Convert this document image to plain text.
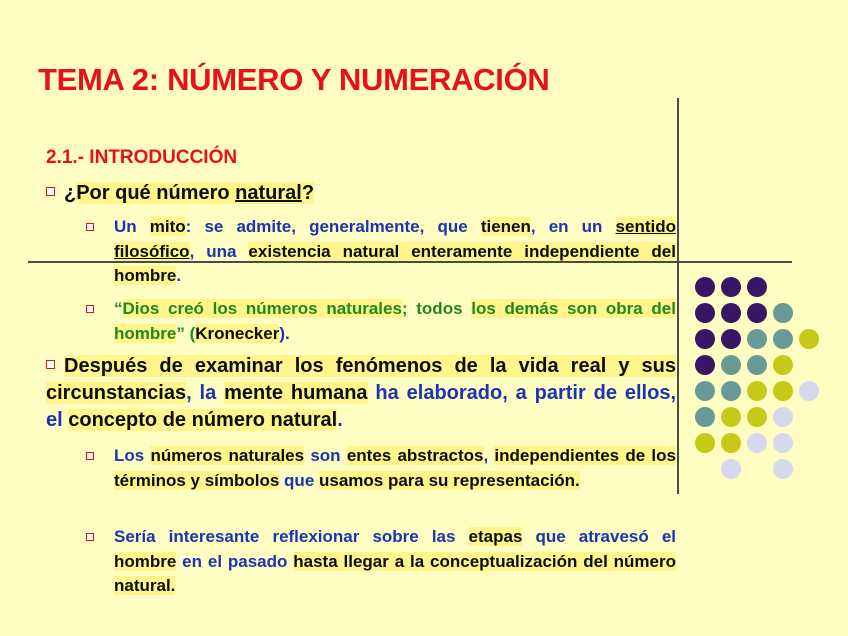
TEMA 2: NÚMERO Y NUMERACIÓN
2.1.- INTRODUCCIÓN
¿Por qué número natural?
Un mito: se admite, generalmente, que tienen, en un sentido filosófico, una existencia natural enteramente independiente del hombre.
“Dios creó los números naturales; todos los demás son obra del hombre” (Kronecker).

Después de examinar los fenómenos de la vida real y sus circunstancias, la mente humana ha elaborado, a partir de ellos, el concepto de número natural.

Los números naturales son entes abstractos, independientes de los términos y símbolos que usamos para su representación.
Sería interesante reflexionar sobre las etapas que atravesó el hombre en el pasado hasta llegar a la conceptualización del número natural.
